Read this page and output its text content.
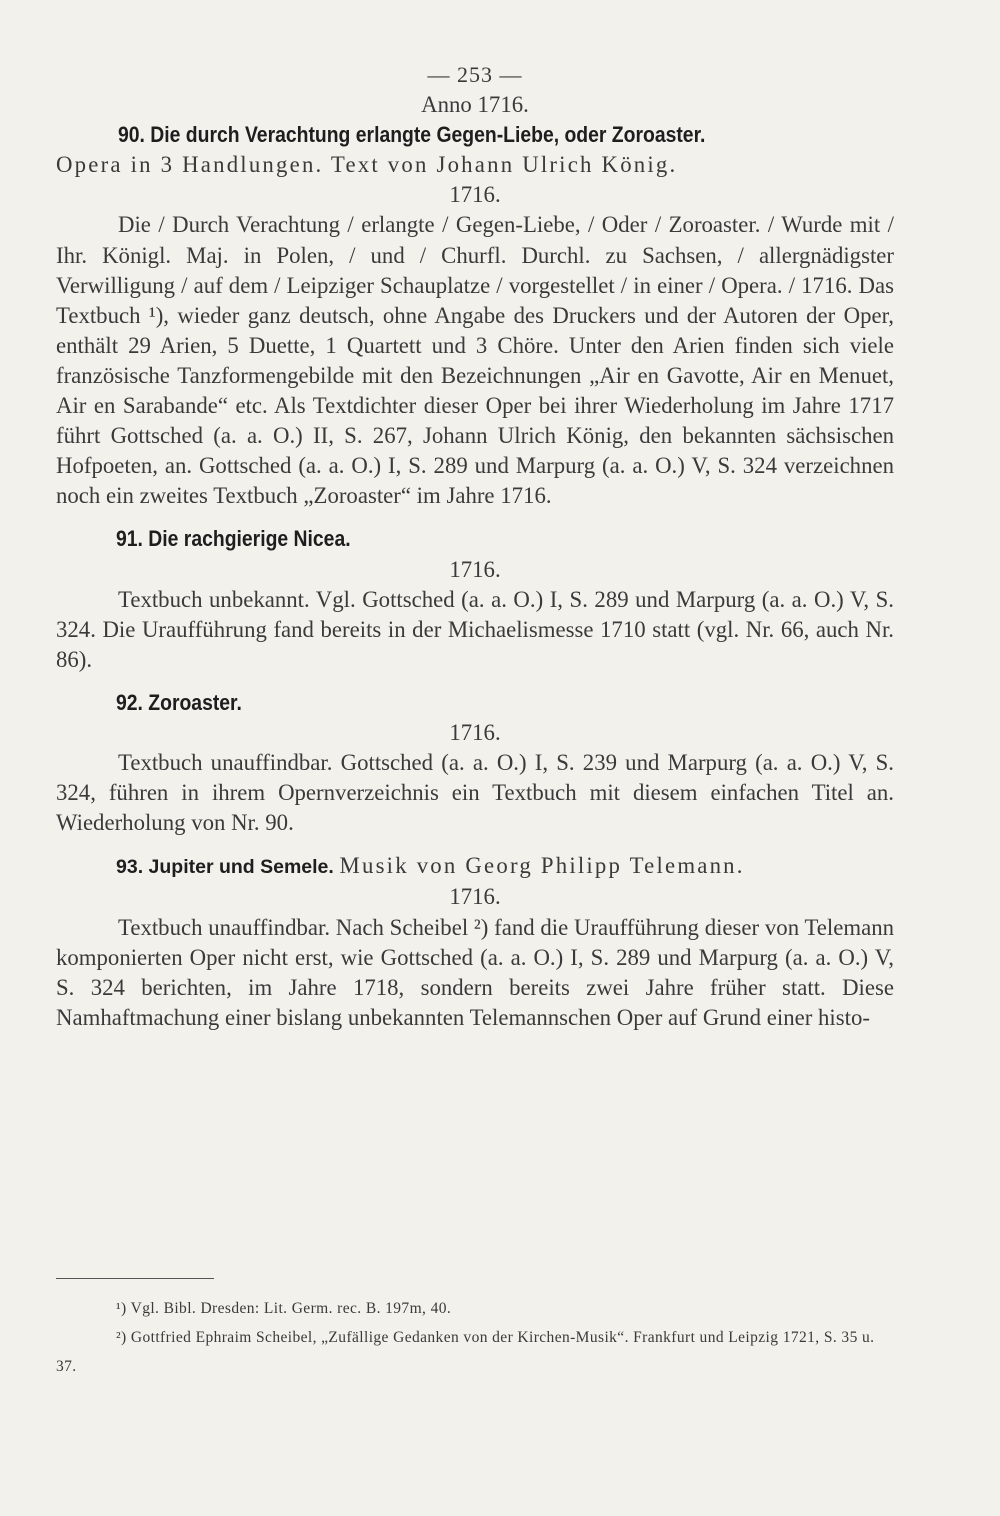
— 253 —

Anno 1716.

90. Die durch Verachtung erlangte Gegen-Liebe, oder Zoroaster.

Opera in 3 Handlungen. Text von Johann Ulrich König.

1716.

Die / Durch Verachtung / erlangte / Gegen-Liebe, / Oder / Zoroaster. / Wurde mit / Ihr. Königl. Maj. in Polen, / und / Churfl. Durchl. zu Sachsen, / allergnädigster Verwilligung / auf dem / Leipziger Schauplatze / vorgestellet / in einer / Opera. / 1716. Das Textbuch ¹), wieder ganz deutsch, ohne Angabe des Druckers und der Autoren der Oper, enthält 29 Arien, 5 Duette, 1 Quartett und 3 Chöre. Unter den Arien finden sich viele französische Tanzformengebilde mit den Bezeichnungen „Air en Gavotte, Air en Menuet, Air en Sarabande“ etc. Als Textdichter dieser Oper bei ihrer Wiederholung im Jahre 1717 führt Gottsched (a. a. O.) II, S. 267, Johann Ulrich König, den bekannten sächsischen Hofpoeten, an. Gottsched (a. a. O.) I, S. 289 und Marpurg (a. a. O.) V, S. 324 verzeichnen noch ein zweites Textbuch „Zoroaster“ im Jahre 1716.

91. Die rachgierige Nicea.

1716.

Textbuch unbekannt. Vgl. Gottsched (a. a. O.) I, S. 289 und Marpurg (a. a. O.) V, S. 324. Die Uraufführung fand bereits in der Michaelismesse 1710 statt (vgl. Nr. 66, auch Nr. 86).

92. Zoroaster.

1716.

Textbuch unauffindbar. Gottsched (a. a. O.) I, S. 239 und Marpurg (a. a. O.) V, S. 324, führen in ihrem Opernverzeichnis ein Textbuch mit diesem einfachen Titel an. Wiederholung von Nr. 90.

93. Jupiter und Semele. Musik von Georg Philipp Telemann.

1716.

Textbuch unauffindbar. Nach Scheibel ²) fand die Uraufführung dieser von Telemann komponierten Oper nicht erst, wie Gottsched (a. a. O.) I, S. 289 und Marpurg (a. a. O.) V, S. 324 berichten, im Jahre 1718, sondern bereits zwei Jahre früher statt. Diese Namhaftmachung einer bislang unbekannten Telemannschen Oper auf Grund einer histo-

¹) Vgl. Bibl. Dresden: Lit. Germ. rec. B. 197m, 40.

²) Gottfried Ephraim Scheibel, „Zufällige Gedanken von der Kirchen-Musik“. Frankfurt und Leipzig 1721, S. 35 u. 37.
